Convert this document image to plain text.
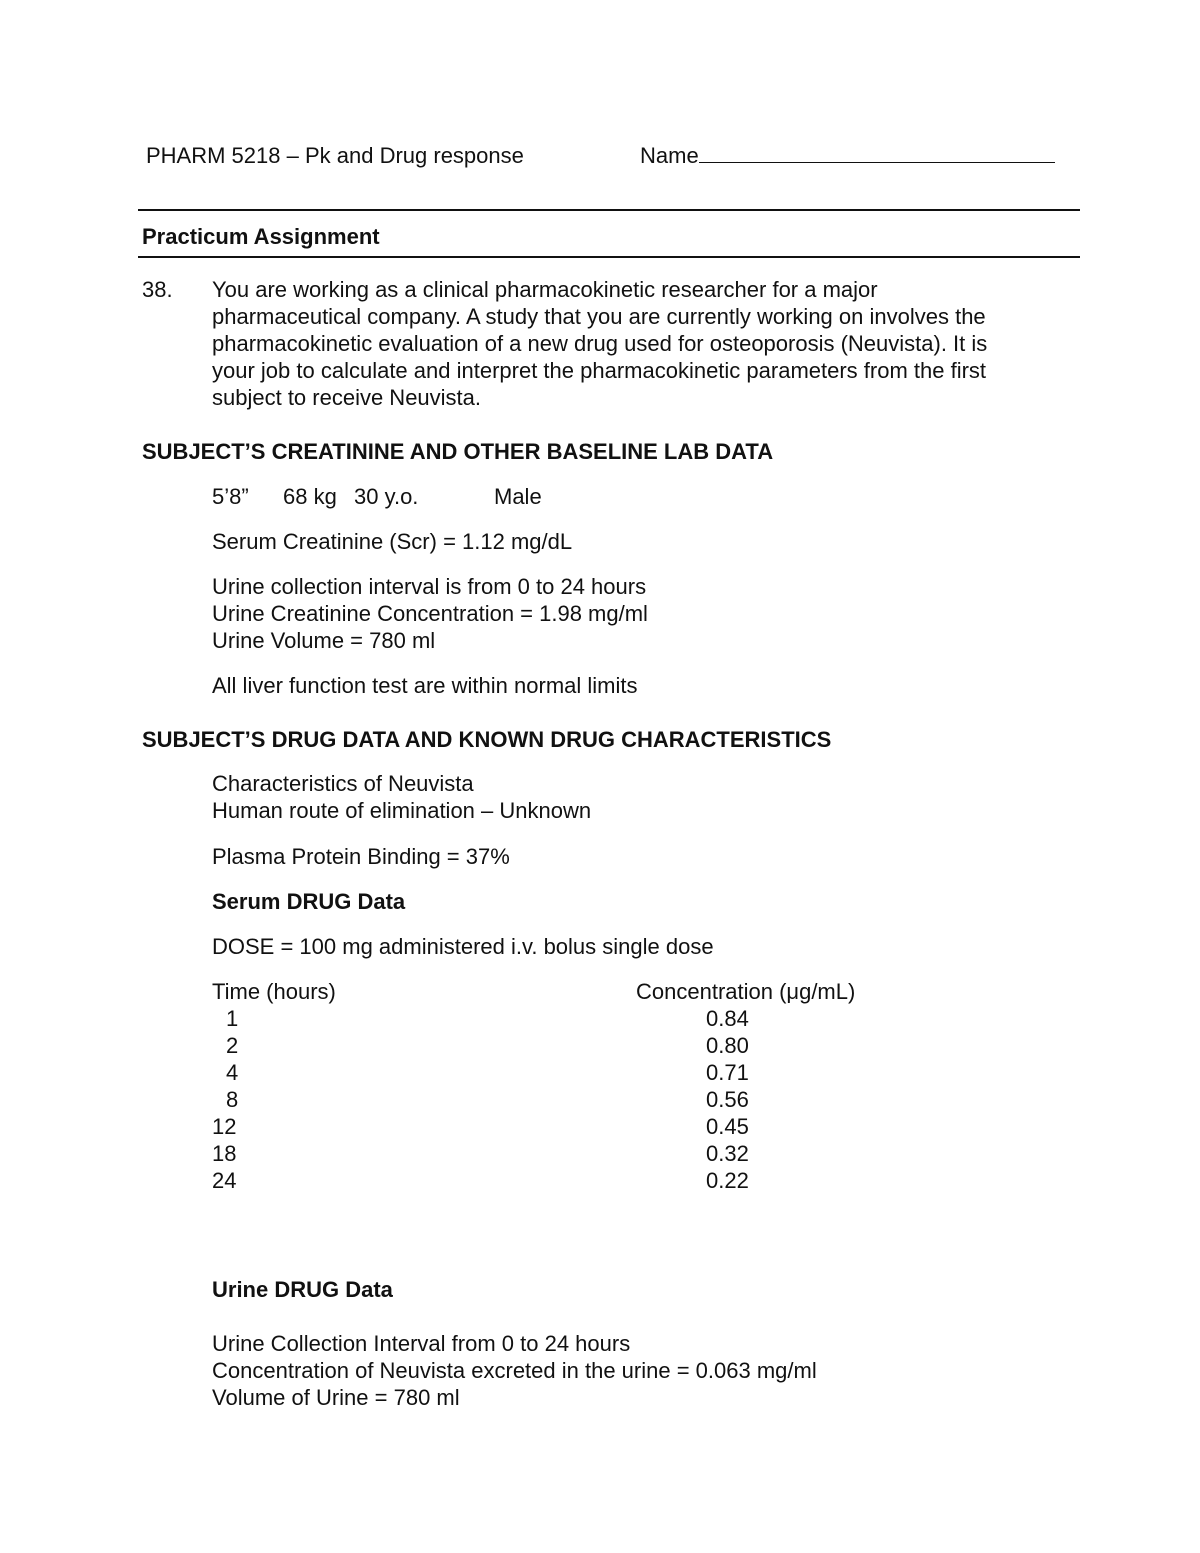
PHARM 5218 – Pk and Drug response	Name
Practicum Assignment
38. You are working as a clinical pharmacokinetic researcher for a major
pharmaceutical company. A study that you are currently working on involves the
pharmacokinetic evaluation of a new drug used for osteoporosis (Neuvista). It is
your job to calculate and interpret the pharmacokinetic parameters from the first
subject to receive Neuvista.
SUBJECT’S CREATININE AND OTHER BASELINE LAB DATA
5’8” 68 kg 30 y.o.	Male
Serum Creatinine (Scr) = 1.12 mg/dL
Urine collection interval is from 0 to 24 hours
Urine Creatinine Concentration = 1.98 mg/ml
Urine Volume = 780 ml
All liver function test are within normal limits
SUBJECT’S DRUG DATA AND KNOWN DRUG CHARACTERISTICS
Characteristics of Neuvista
Human route of elimination – Unknown
Plasma Protein Binding = 37%
Serum DRUG Data
DOSE = 100 mg administered i.v. bolus single dose
Time (hours)	Concentration (μg/mL)
1	0.84
2	0.80
4	0.71
8	0.56
12	0.45
18	0.32
24	0.22
Urine DRUG Data
Urine Collection Interval from 0 to 24 hours
Concentration of Neuvista excreted in the urine = 0.063 mg/ml
Volume of Urine = 780 ml
